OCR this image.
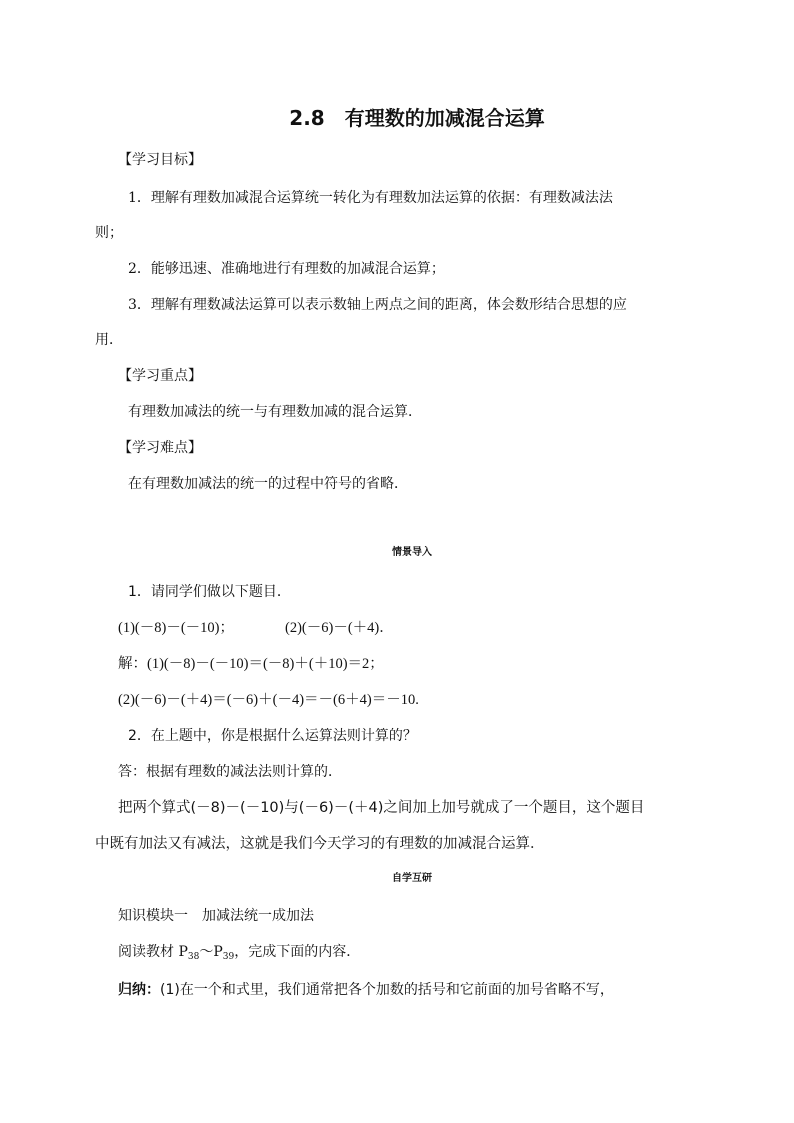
2.8　有理数的加减混合运算
【学习目标】
1．理解有理数加减混合运算统一转化为有理数加法运算的依据：有理数减法法
则；
2．能够迅速、准确地进行有理数的加减混合运算；
3．理解有理数减法运算可以表示数轴上两点之间的距离，体会数形结合思想的应
用．
【学习重点】
有理数加减法的统一与有理数加减的混合运算．
【学习难点】
在有理数加减法的统一的过程中符号的省略．
情景导入
1．请同学们做以下题目．
(1)(－8)－(－10)；	(2)(－6)－(＋4)．
解：(1)(－8)－(－10)＝(－8)＋(＋10)＝2；
(2)(－6)－(＋4)＝(－6)＋(－4)＝－(6＋4)＝－10.
2．在上题中，你是根据什么运算法则计算的？
答：根据有理数的减法法则计算的．
把两个算式(－8)－(－10)与(－6)－(＋4)之间加上加号就成了一个题目，这个题目
中既有加法又有减法，这就是我们今天学习的有理数的加减混合运算．
自学互研
知识模块一　加减法统一成加法
阅读教材 $P_{38}\sim P_{39}$，完成下面的内容．
归纳：(1)在一个和式里，我们通常把各个加数的括号和它前面的加号省略不写，
